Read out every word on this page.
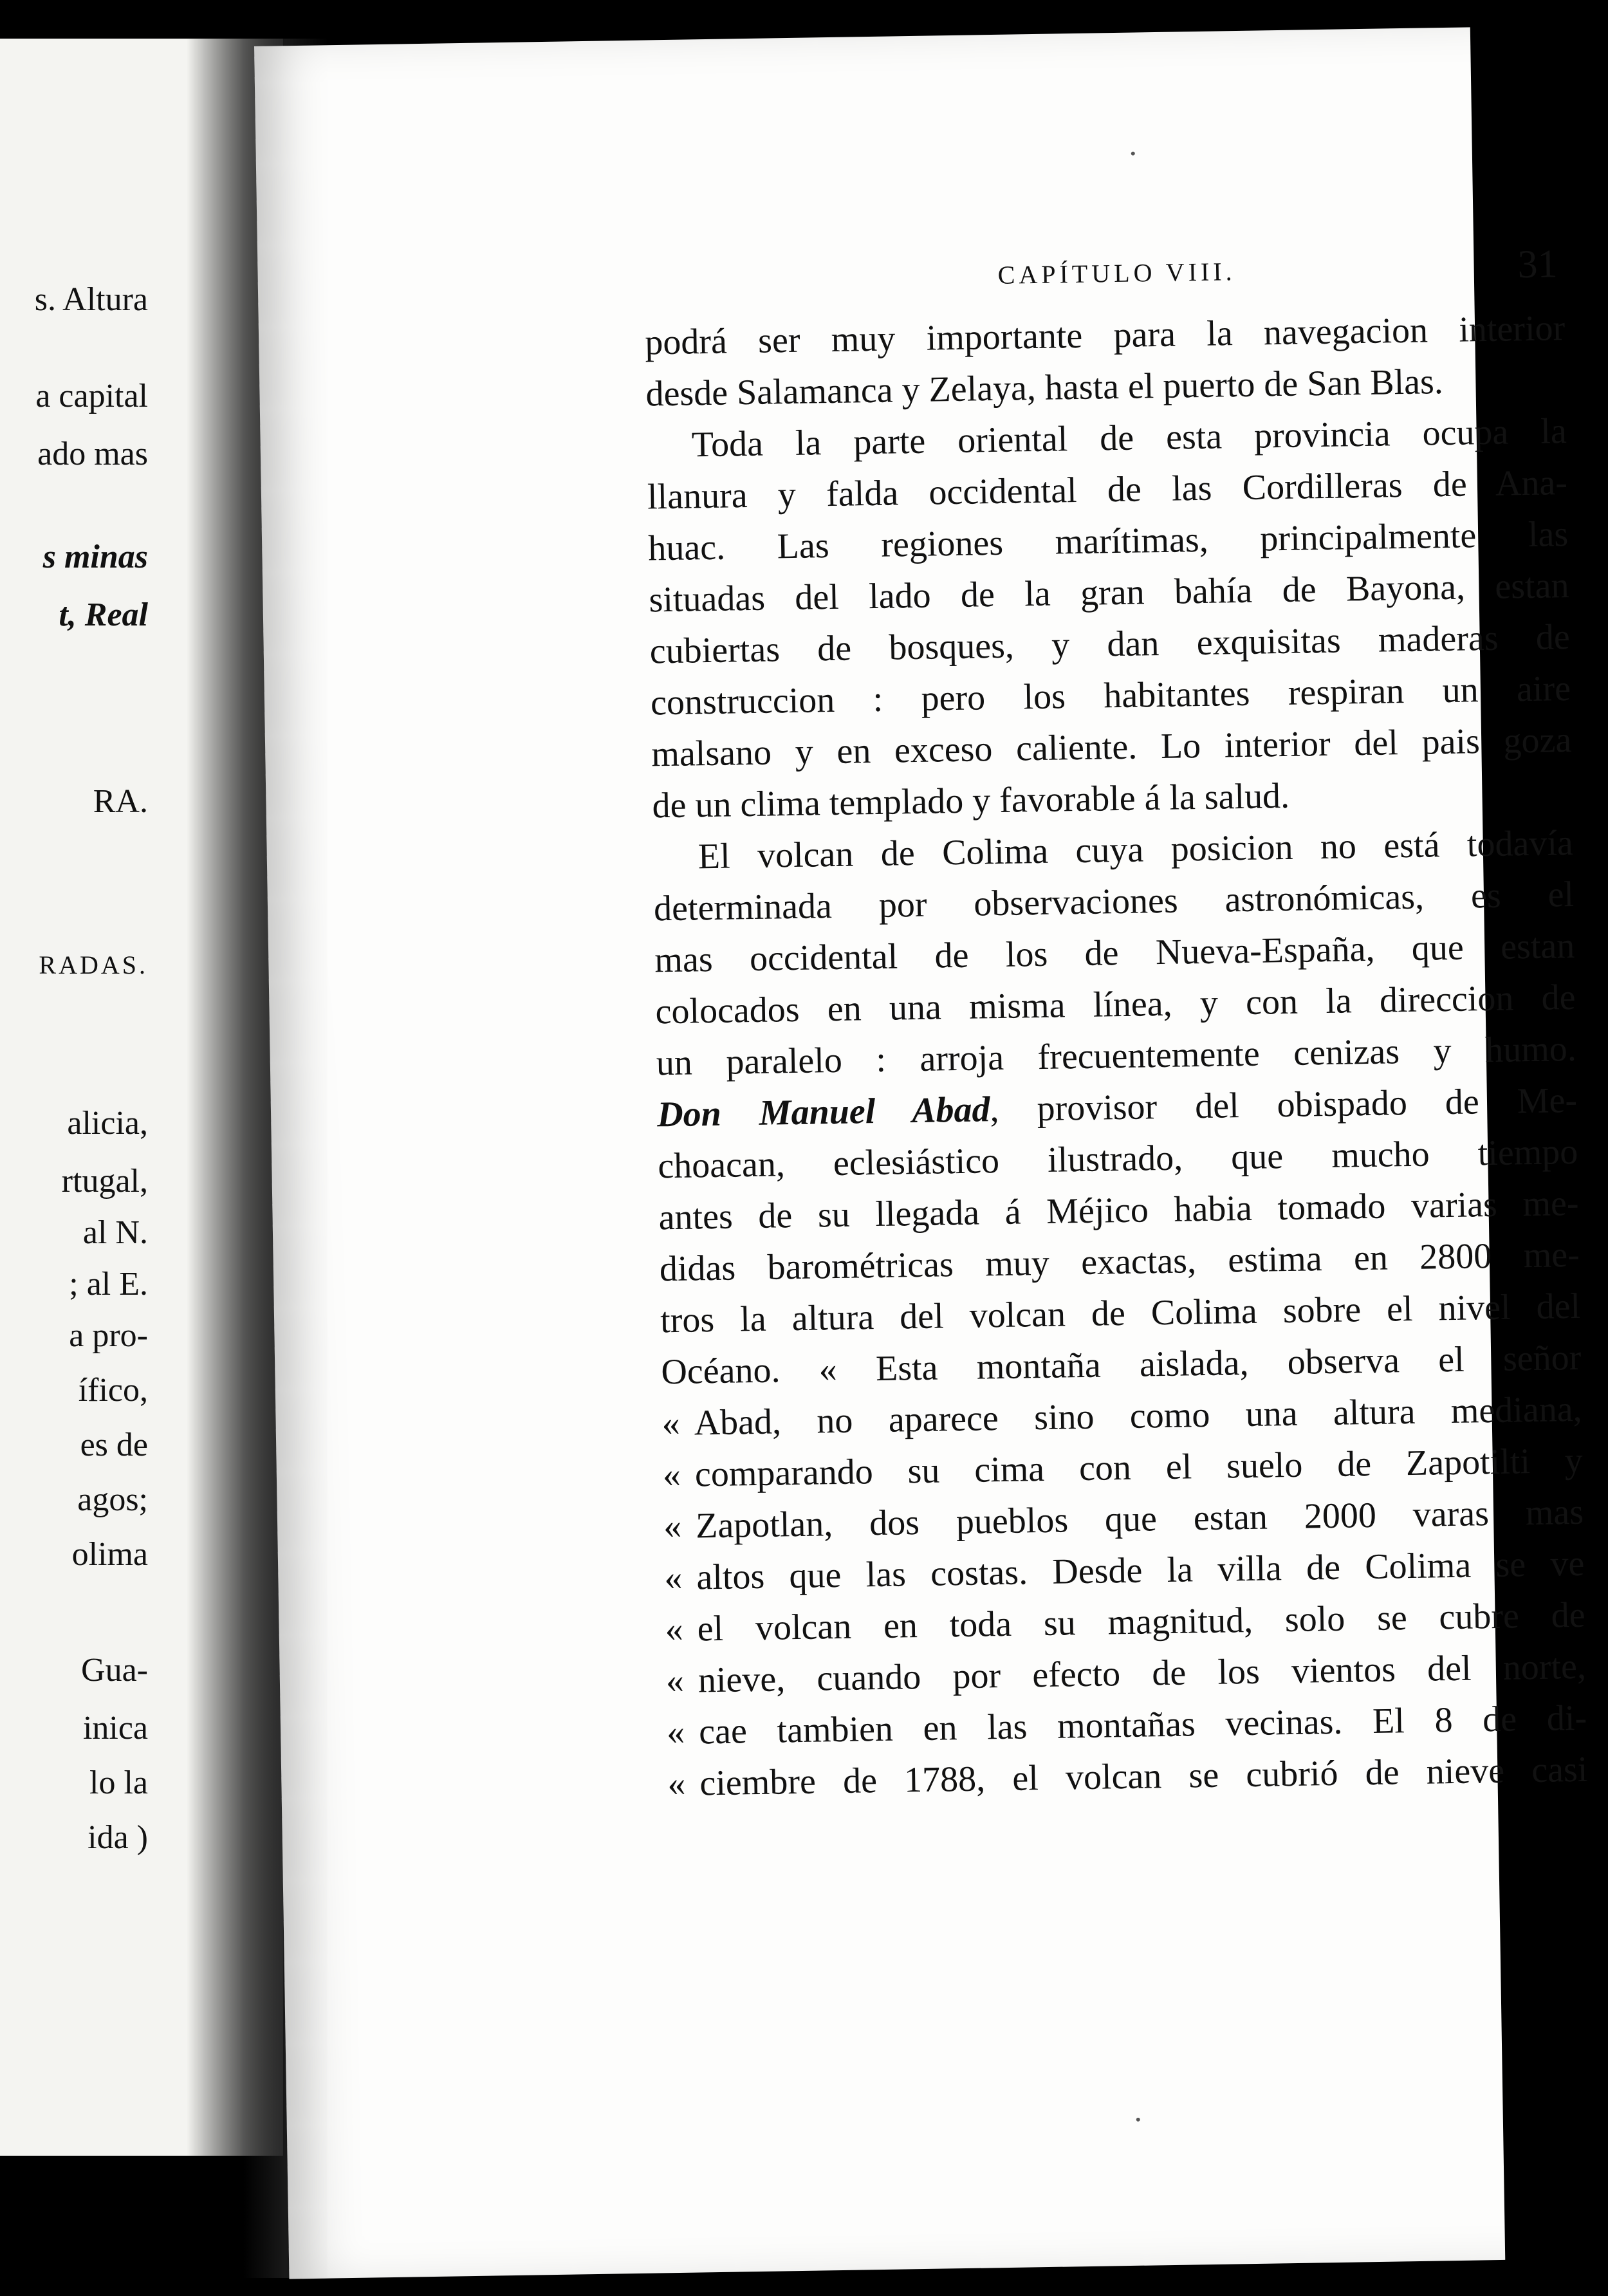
s. Altura
a capital
ado mas
s minas
t, Real
RA.
RADAS.
alicia,
rtugal,
al N.
; al E.
a pro-
ífico,
es de
agos;
olima
Gua-
inica
lo la
ida )
CAPÍTULO VIII.	31
podrá ser muy importante para la navegacion interior
desde Salamanca y Zelaya, hasta el puerto de San Blas.
Toda la parte oriental de esta provincia ocupa la
llanura y falda occidental de las Cordilleras de Ana-
huac. Las regiones marítimas, principalmente las
situadas del lado de la gran bahía de Bayona, estan
cubiertas de bosques, y dan exquisitas maderas de
construccion : pero los habitantes respiran un aire
malsano y en exceso caliente. Lo interior del pais goza
de un clima templado y favorable á la salud.
El volcan de Colima cuya posicion no está todavía
determinada por observaciones astronómicas, es el
mas occidental de los de Nueva-España, que estan
colocados en una misma línea, y con la direccion de
un paralelo : arroja frecuentemente cenizas y humo.
Don Manuel Abad, provisor del obispado de Me-
choacan, eclesiástico ilustrado, que mucho tiempo
antes de su llegada á Méjico habia tomado varias me-
didas barométricas muy exactas, estima en 2800 me-
tros la altura del volcan de Colima sobre el nivel del
Océano. « Esta montaña aislada, observa el señor
« Abad, no aparece sino como una altura mediana,
« comparando su cima con el suelo de Zapotilti y
« Zapotlan, dos pueblos que estan 2000 varas mas
« altos que las costas. Desde la villa de Colima se ve
« el volcan en toda su magnitud, solo se cubre de
« nieve, cuando por efecto de los vientos del norte,
« cae tambien en las montañas vecinas. El 8 de di-
« ciembre de 1788, el volcan se cubrió de nieve casi
